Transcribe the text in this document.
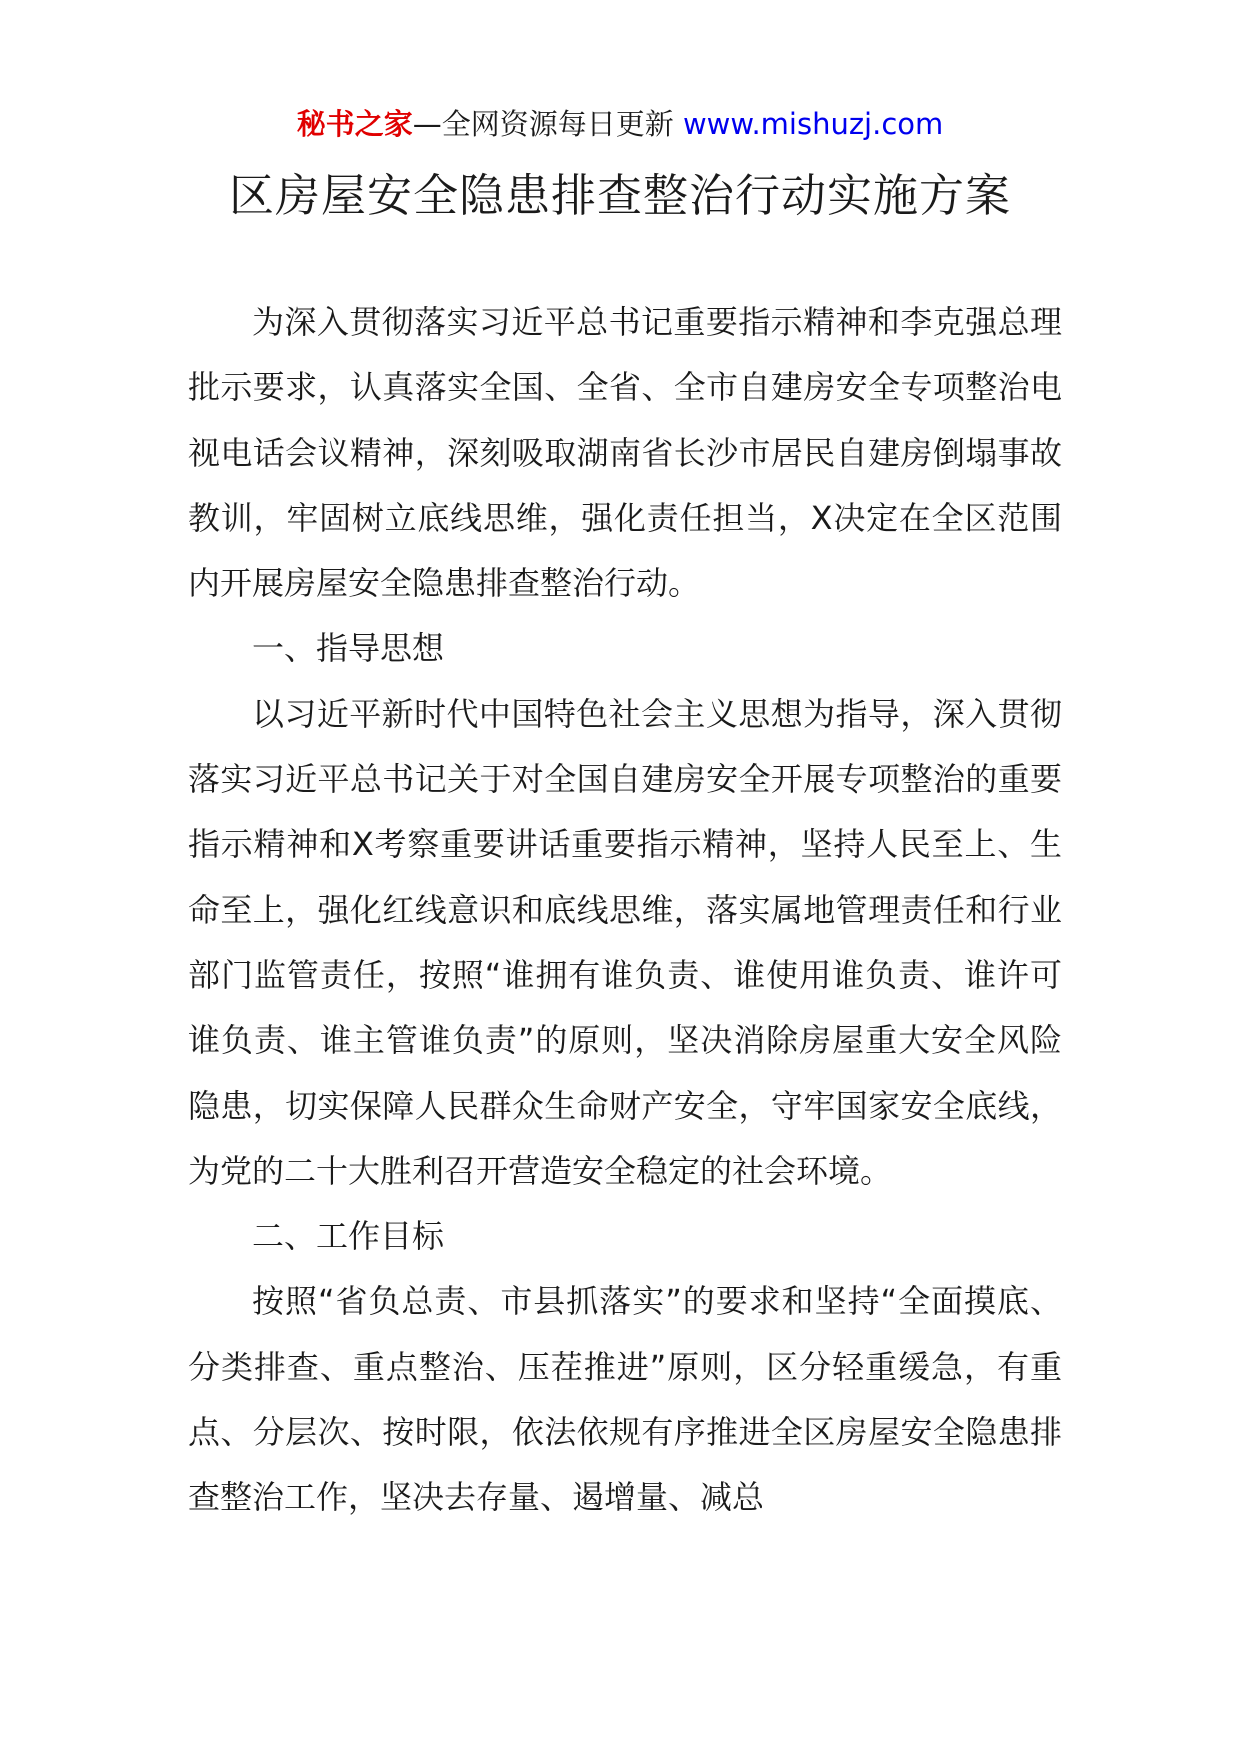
秘书之家—全网资源每日更新 www.mishuzj.com
区房屋安全隐患排查整治行动实施方案

为深入贯彻落实习近平总书记重要指示精神和李克强总理批示要求，认真落实全国、全省、全市自建房安全专项整治电视电话会议精神，深刻吸取湖南省长沙市居民自建房倒塌事故教训，牢固树立底线思维，强化责任担当，X决定在全区范围内开展房屋安全隐患排查整治行动。

一、指导思想

以习近平新时代中国特色社会主义思想为指导，深入贯彻落实习近平总书记关于对全国自建房安全开展专项整治的重要指示精神和X考察重要讲话重要指示精神，坚持人民至上、生命至上，强化红线意识和底线思维，落实属地管理责任和行业部门监管责任，按照“谁拥有谁负责、谁使用谁负责、谁许可谁负责、谁主管谁负责”的原则，坚决消除房屋重大安全风险隐患，切实保障人民群众生命财产安全，守牢国家安全底线，为党的二十大胜利召开营造安全稳定的社会环境。

二、工作目标

按照“省负总责、市县抓落实”的要求和坚持“全面摸底、分类排查、重点整治、压茬推进”原则，区分轻重缓急，有重点、分层次、按时限，依法依规有序推进全区房屋安全隐患排查整治工作，坚决去存量、遏增量、减总
